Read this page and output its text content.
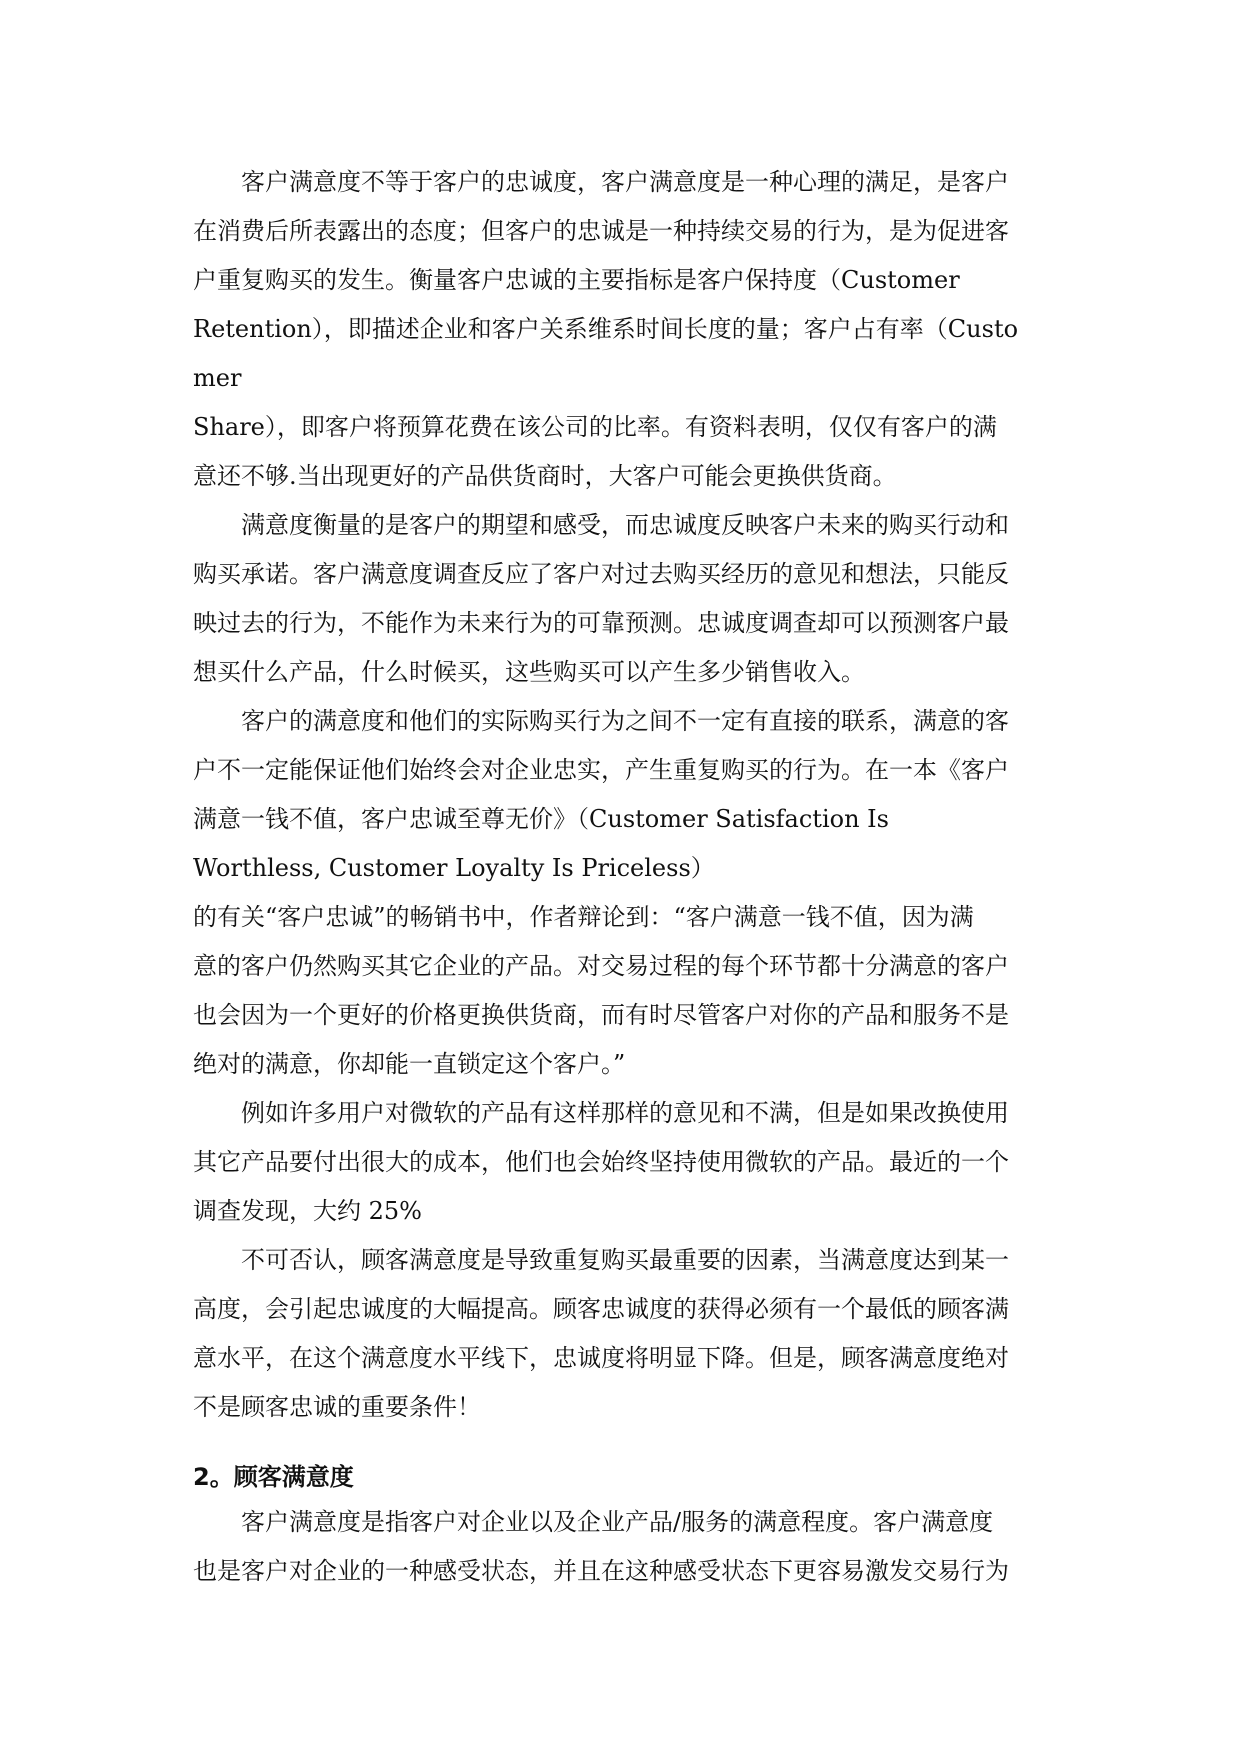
客户满意度不等于客户的忠诚度，客户满意度是一种心理的满足，是客户
在消费后所表露出的态度；但客户的忠诚是一种持续交易的行为，是为促进客
户重复购买的发生。衡量客户忠诚的主要指标是客户保持度（Customer
Retention），即描述企业和客户关系维系时间长度的量；客户占有率（Custo
mer
Share），即客户将预算花费在该公司的比率。有资料表明，仅仅有客户的满
意还不够.当出现更好的产品供货商时，大客户可能会更换供货商。
满意度衡量的是客户的期望和感受，而忠诚度反映客户未来的购买行动和
购买承诺。客户满意度调查反应了客户对过去购买经历的意见和想法，只能反
映过去的行为，不能作为未来行为的可靠预测。忠诚度调查却可以预测客户最
想买什么产品，什么时候买，这些购买可以产生多少销售收入。
客户的满意度和他们的实际购买行为之间不一定有直接的联系，满意的客
户不一定能保证他们始终会对企业忠实，产生重复购买的行为。在一本《客户
满意一钱不值，客户忠诚至尊无价》（Customer Satisfaction Is
Worthless, Customer Loyalty Is Priceless）
的有关“客户忠诚”的畅销书中，作者辩论到：“客户满意一钱不值，因为满
意的客户仍然购买其它企业的产品。对交易过程的每个环节都十分满意的客户
也会因为一个更好的价格更换供货商，而有时尽管客户对你的产品和服务不是
绝对的满意，你却能一直锁定这个客户。”
例如许多用户对微软的产品有这样那样的意见和不满，但是如果改换使用
其它产品要付出很大的成本，他们也会始终坚持使用微软的产品。最近的一个
调查发现，大约 25%
不可否认，顾客满意度是导致重复购买最重要的因素，当满意度达到某一
高度，会引起忠诚度的大幅提高。顾客忠诚度的获得必须有一个最低的顾客满
意水平，在这个满意度水平线下，忠诚度将明显下降。但是，顾客满意度绝对
不是顾客忠诚的重要条件！
2。顾客满意度
客户满意度是指客户对企业以及企业产品/服务的满意程度。客户满意度
也是客户对企业的一种感受状态，并且在这种感受状态下更容易激发交易行为
